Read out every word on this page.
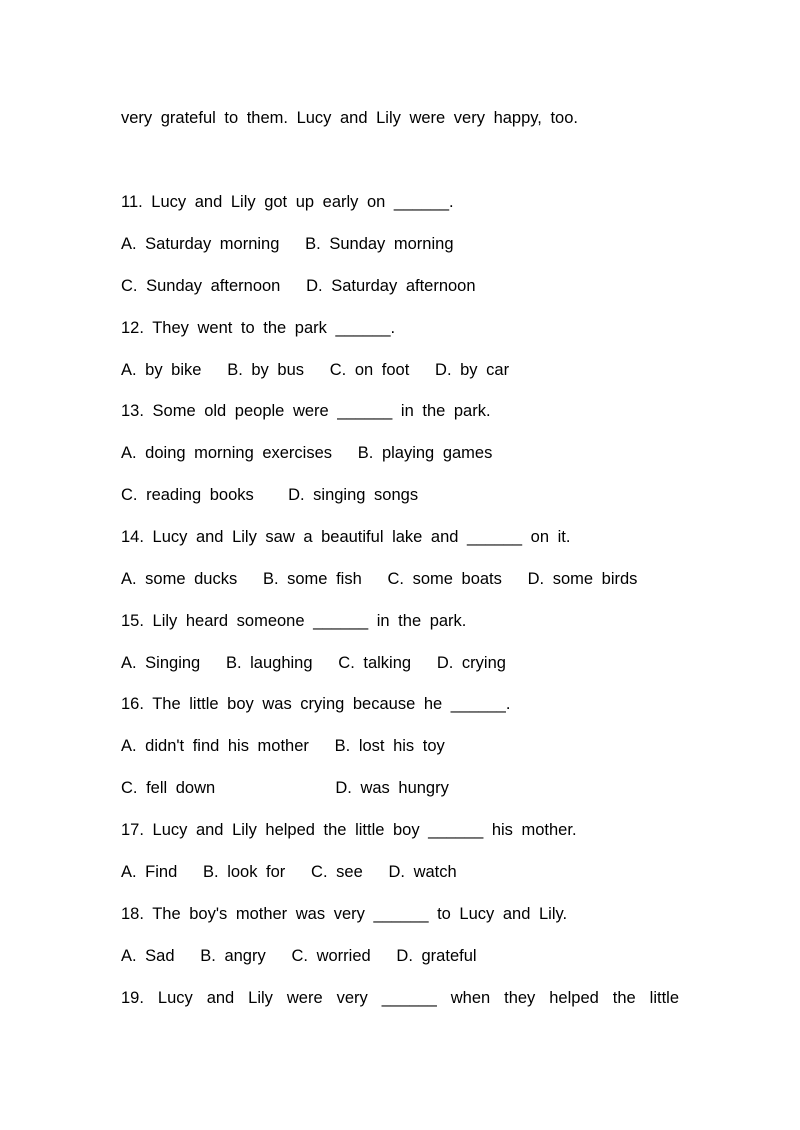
very grateful to them. Lucy and Lily were very happy, too.
11. Lucy and Lily got up early on ______.
A. Saturday morning   B. Sunday morning
C. Sunday afternoon   D. Saturday afternoon
12. They went to the park ______.
A. by bike   B. by bus   C. on foot   D. by car
13. Some old people were ______ in the park.
A. doing morning exercises   B. playing games
C. reading books    D. singing songs
14. Lucy and Lily saw a beautiful lake and ______ on it.
A. some ducks   B. some fish   C. some boats   D. some birds
15. Lily heard someone ______ in the park.
A. Singing   B. laughing   C. talking   D. crying
16. The little boy was crying because he ______.
A. didn't find his mother   B. lost his toy
C. fell down              D. was hungry
17. Lucy and Lily helped the little boy ______ his mother.
A. Find   B. look for   C. see   D. watch
18. The boy's mother was very ______ to Lucy and Lily.
A. Sad   B. angry   C. worried   D. grateful
19. Lucy and Lily were very ______ when they helped the little
